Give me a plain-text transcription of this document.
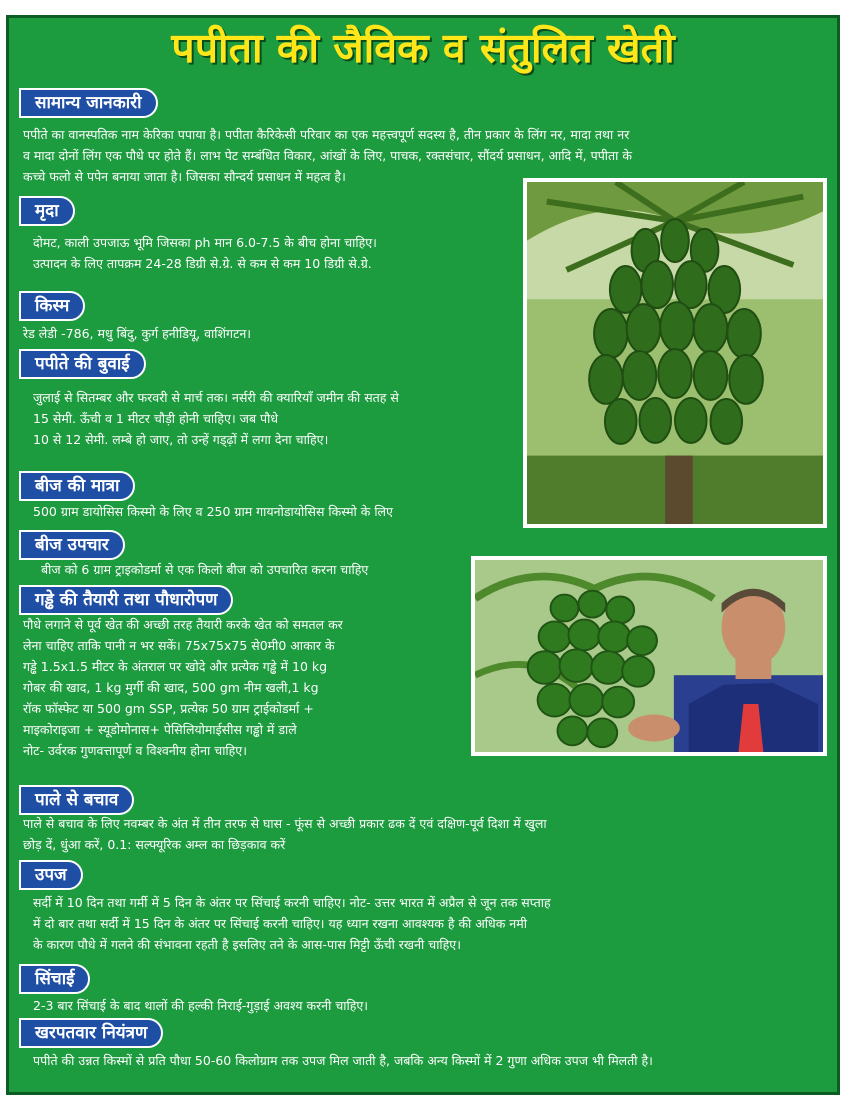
पपीता की जैविक व संतुलित खेती
सामान्य जानकारी
पपीते का वानस्पतिक नाम केरिका पपाया है। पपीता कैरिकेसी परिवार का एक महत्त्वपूर्ण सदस्य है, तीन प्रकार के लिंग नर, मादा तथा नर
व मादा दोनों लिंग एक पौधे पर होते हैं। लाभ पेट सम्बंधित विकार, आंखों के लिए, पाचक, रक्तसंचार, सौंदर्य प्रसाधन, आदि में, पपीता के
कच्चे फलो से पपेन बनाया जाता है। जिसका सौन्दर्य प्रसाधन में महत्व है।
मृदा
दोमट, काली उपजाऊ भूमि जिसका ph मान 6.0-7.5 के बीच होना चाहिए।
उत्पादन के लिए तापक्रम 24-28 डिग्री से.ग्रे. से कम से कम 10 डिग्री से.ग्रे.
किस्म
रेड लेडी -786, मधु बिंदु, कुर्ग हनीडियू, वाशिंगटन।
पपीते की बुवाई
जुलाई से सितम्बर और फरवरी से मार्च तक। नर्सरी की क्यारियाँ जमीन की सतह से
15 सेमी. ऊँची व 1 मीटर चौड़ी होनी चाहिए। जब पौधे
10 से 12 सेमी. लम्बे हो जाए, तो उन्हें गड्ढ़ों में लगा देना चाहिए।
बीज की मात्रा
500 ग्राम डायोसिस किस्मो के लिए व 250 ग्राम गायनोडायोसिस किस्मो के लिए
बीज उपचार
बीज को 6 ग्राम ट्राइकोडर्मा से एक किलो बीज को उपचारित करना चाहिए
गड्ढे की तैयारी तथा पौधारोपण
पौधे लगाने से पूर्व खेत की अच्छी तरह तैयारी करके खेत को समतल कर
लेना चाहिए ताकि पानी न भर सकें। 75x75x75 से0मी0 आकार के
गड्ढे 1.5x1.5 मीटर के अंतराल पर खोदे और प्रत्येक गड्ढे में 10 kg
गोबर की खाद, 1 kg मुर्गी की खाद, 500 gm नीम खली,1 kg
रॉक फॉस्फेट या 500 gm SSP, प्रत्येक 50 ग्राम ट्राईकोडर्मा +
माइकोराइजा + स्यूडोमोनास+ पेसिलियोमाईसीस गड्ढो में डाले
नोट- उर्वरक गुणवत्तापूर्ण व विश्वनीय होना चाहिए।
पाले से बचाव
पाले से बचाव के लिए नवम्बर के अंत में तीन तरफ से घास - फूंस से अच्छी प्रकार ढक दें एवं दक्षिण-पूर्व दिशा में खुला
छोड़ दें, धुंआ करें, 0.1: सल्फ्यूरिक अम्ल का छिड़काव करें
उपज
सर्दी में 10 दिन तथा गर्मी में 5 दिन के अंतर पर सिंचाई करनी चाहिए। नोट- उत्तर भारत में अप्रैल से जून तक सप्ताह
में दो बार तथा सर्दी में 15 दिन के अंतर पर सिंचाई करनी चाहिए। यह ध्यान रखना आवश्यक है की अधिक नमी
के कारण पौधे में गलने की संभावना रहती है इसलिए तने के आस-पास मिट्टी ऊँची रखनी चाहिए।
सिंचाई
2-3 बार सिंचाई के बाद थालों की हल्की निराई-गुड़ाई अवश्य करनी चाहिए।
खरपतवार नियंत्रण
पपीते की उन्नत किस्मों से प्रति पौधा 50-60 किलोग्राम तक उपज मिल जाती है, जबकि अन्य किस्मों में 2 गुणा अधिक उपज भी मिलती है।
